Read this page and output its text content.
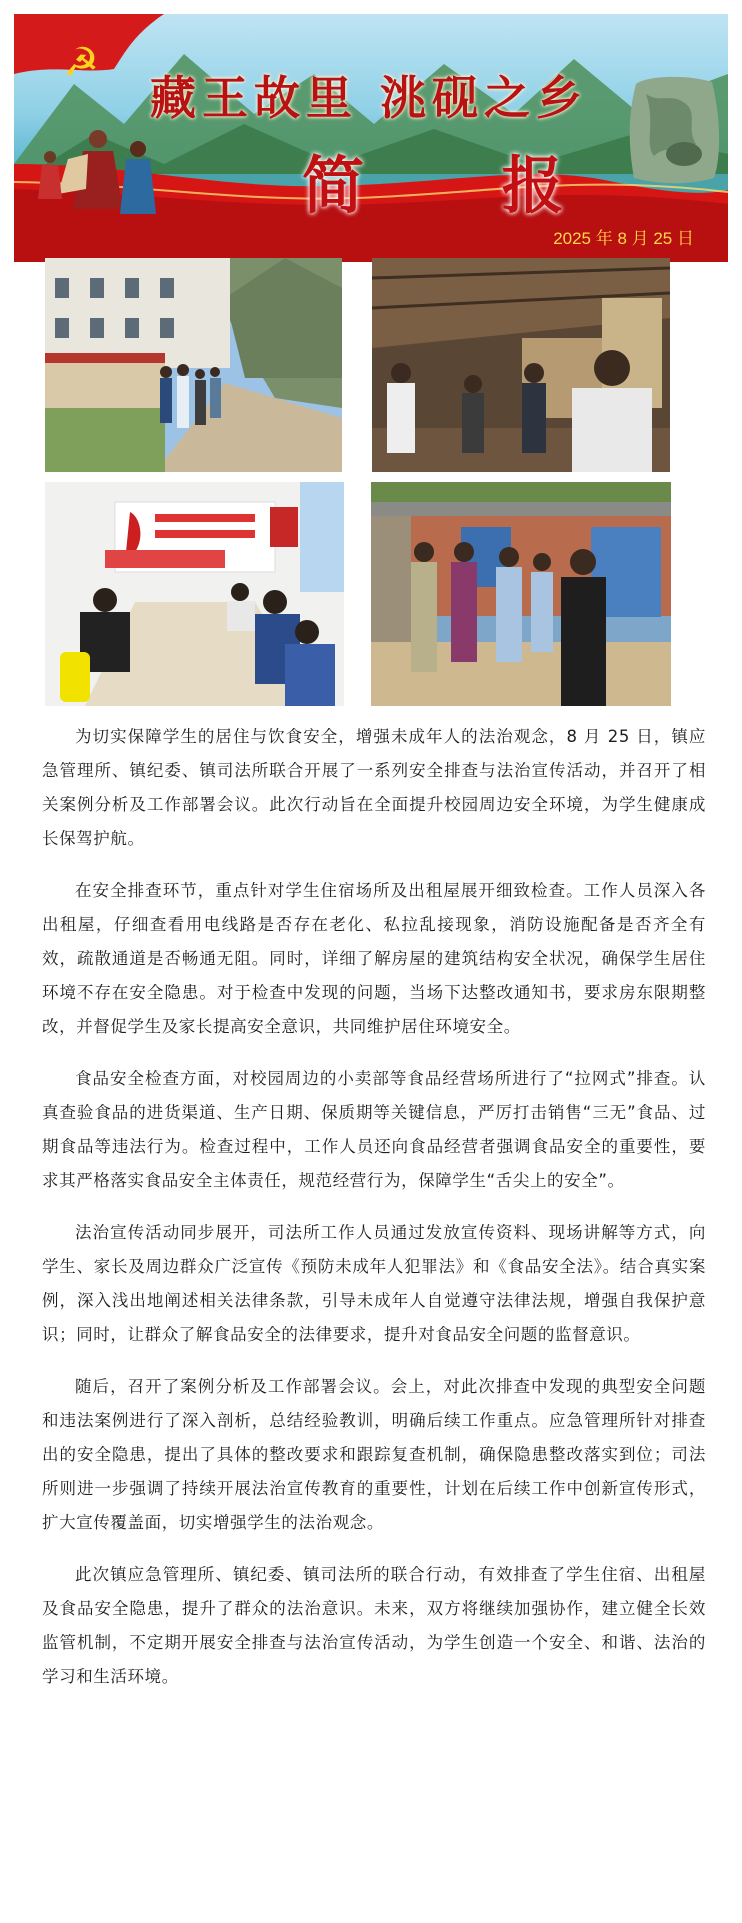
☭
藏王故里 洮砚之乡
简 报
2025 年 8 月 25 日

为切实保障学生的居住与饮食安全，增强未成年人的法治观念，8 月 25 日，镇应急管理所、镇纪委、镇司法所联合开展了一系列安全排查与法治宣传活动，并召开了相关案例分析及工作部署会议。此次行动旨在全面提升校园周边安全环境，为学生健康成长保驾护航。

在安全排查环节，重点针对学生住宿场所及出租屋展开细致检查。工作人员深入各出租屋，仔细查看用电线路是否存在老化、私拉乱接现象，消防设施配备是否齐全有效，疏散通道是否畅通无阻。同时，详细了解房屋的建筑结构安全状况，确保学生居住环境不存在安全隐患。对于检查中发现的问题，当场下达整改通知书，要求房东限期整改，并督促学生及家长提高安全意识，共同维护居住环境安全。

食品安全检查方面，对校园周边的小卖部等食品经营场所进行了“拉网式”排查。认真查验食品的进货渠道、生产日期、保质期等关键信息，严厉打击销售“三无”食品、过期食品等违法行为。检查过程中，工作人员还向食品经营者强调食品安全的重要性，要求其严格落实食品安全主体责任，规范经营行为，保障学生“舌尖上的安全”。

法治宣传活动同步展开，司法所工作人员通过发放宣传资料、现场讲解等方式，向学生、家长及周边群众广泛宣传《预防未成年人犯罪法》和《食品安全法》。结合真实案例，深入浅出地阐述相关法律条款，引导未成年人自觉遵守法律法规，增强自我保护意识；同时，让群众了解食品安全的法律要求，提升对食品安全问题的监督意识。

随后，召开了案例分析及工作部署会议。会上，对此次排查中发现的典型安全问题和违法案例进行了深入剖析，总结经验教训，明确后续工作重点。应急管理所针对排查出的安全隐患，提出了具体的整改要求和跟踪复查机制，确保隐患整改落实到位；司法所则进一步强调了持续开展法治宣传教育的重要性，计划在后续工作中创新宣传形式，扩大宣传覆盖面，切实增强学生的法治观念。

此次镇应急管理所、镇纪委、镇司法所的联合行动，有效排查了学生住宿、出租屋及食品安全隐患，提升了群众的法治意识。未来，双方将继续加强协作，建立健全长效监管机制，不定期开展安全排查与法治宣传活动，为学生创造一个安全、和谐、法治的学习和生活环境。
